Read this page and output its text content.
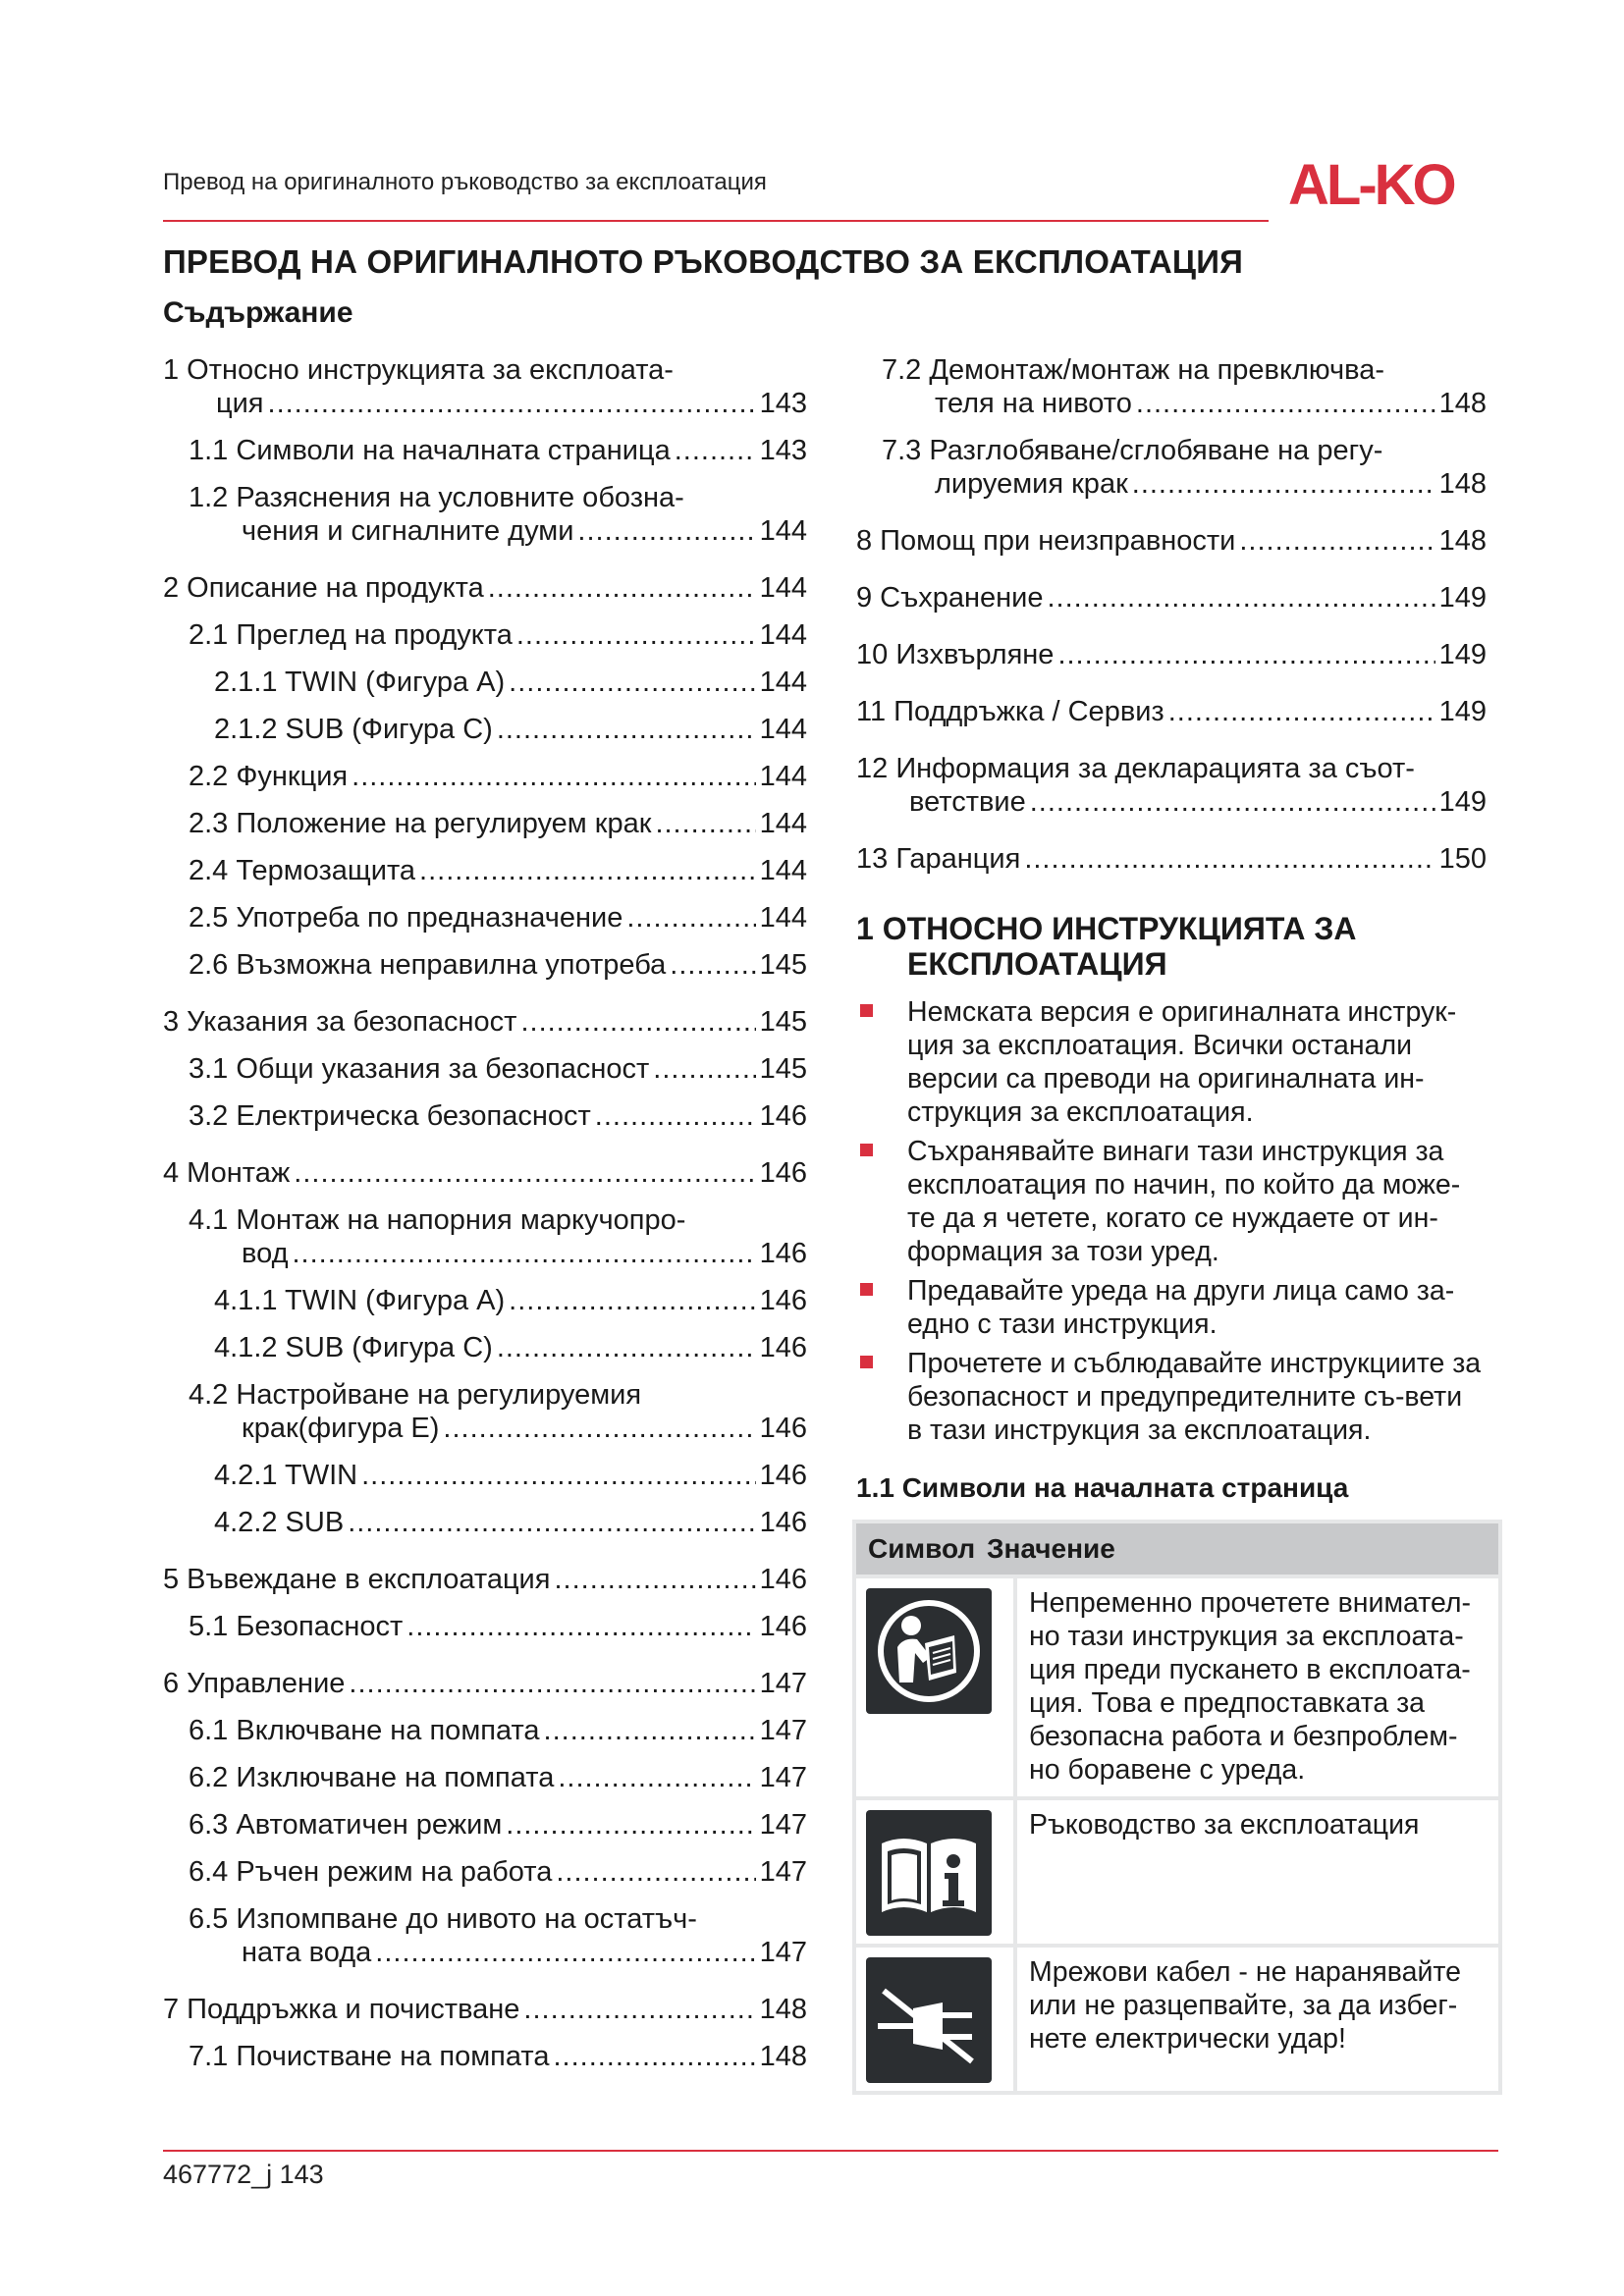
Превод на оригиналното ръководство за експлоатация	AL-KO
ПРЕВОД НА ОРИГИНАЛНОТО РЪКОВОДСТВО ЗА ЕКСПЛОАТАЦИЯ
Съдържание
1 Относно инструкцията за експлоата-
ция .....	143
1.1 Символи на началната страница .....	143
1.2 Разяснения на условните обозна-
чения и сигналните думи .....	144
2 Описание на продукта .....	144
2.1 Преглед на продукта .....	144
2.1.1 TWIN (Фигура A) .....	144
2.1.2 SUB (Фигура C) .....	144
2.2 Функция .....	144
2.3 Положение на регулируем крак .....	144
2.4 Термозащита .....	144
2.5 Употреба по предназначение .....	144
2.6 Възможна неправилна употреба .....	145
3 Указания за безопасност .....	145
3.1 Общи указания за безопасност .....	145
3.2 Електрическа безопасност .....	146
4 Монтаж .....	146
4.1 Монтаж на напорния маркучопро-
вод .....	146
4.1.1 TWIN (Фигура A) .....	146
4.1.2 SUB (Фигура C) .....	146
4.2 Настройване на регулируемия
крак(фигура E) .....	146
4.2.1 TWIN .....	146
4.2.2 SUB .....	146
5 Въвеждане в експлоатация .....	146
5.1 Безопасност .....	146
6 Управление .....	147
6.1 Включване на помпата .....	147
6.2 Изключване на помпата .....	147
6.3 Автоматичен режим .....	147
6.4 Ръчен режим на работа .....	147
6.5 Изпомпване до нивото на остатъч-
ната вода .....	147
7 Поддръжка и почистване .....	148
7.1 Почистване на помпата .....	148
7.2 Демонтаж/монтаж на превключва-
теля на нивото .....	148
7.3 Разглобяване/сглобяване на регу-
лируемия крак .....	148
8 Помощ при неизправности .....	148
9 Съхранение .....	149
10 Изхвърляне .....	149
11 Поддръжка / Сервиз .....	149
12 Информация за декларацията за съот-
ветствие .....	149
13 Гаранция .....	150
1 ОТНОСНО ИНСТРУКЦИЯТА ЗА
ЕКСПЛОАТАЦИЯ
Немската версия е оригиналната инструк-ция за експлоатация. Всички останали версии са преводи на оригиналната ин-струкция за експлоатация.
Съхранявайте винаги тази инструкция за експлоатация по начин, по който да може-те да я четете, когато се нуждаете от ин-формация за този уред.
Предавайте уреда на други лица само за-едно с тази инструкция.
Прочетете и съблюдавайте инструкциите за безопасност и предупредителните съ-вети в тази инструкция за експлоатация.
1.1 Символи на началната страница
Символ Значение	

	Непременно прочетете внимател-но тази инструкция за експлоата-ция преди пускането в експлоата-ция. Това е предпоставката за безопасна работа и безпроблем-но боравене с уреда.

	Ръководство за експлоатация

	Мрежови кабел - не наранявайте или не разцепвайте, за да избег-нете електрически удар!
467772_j 143
